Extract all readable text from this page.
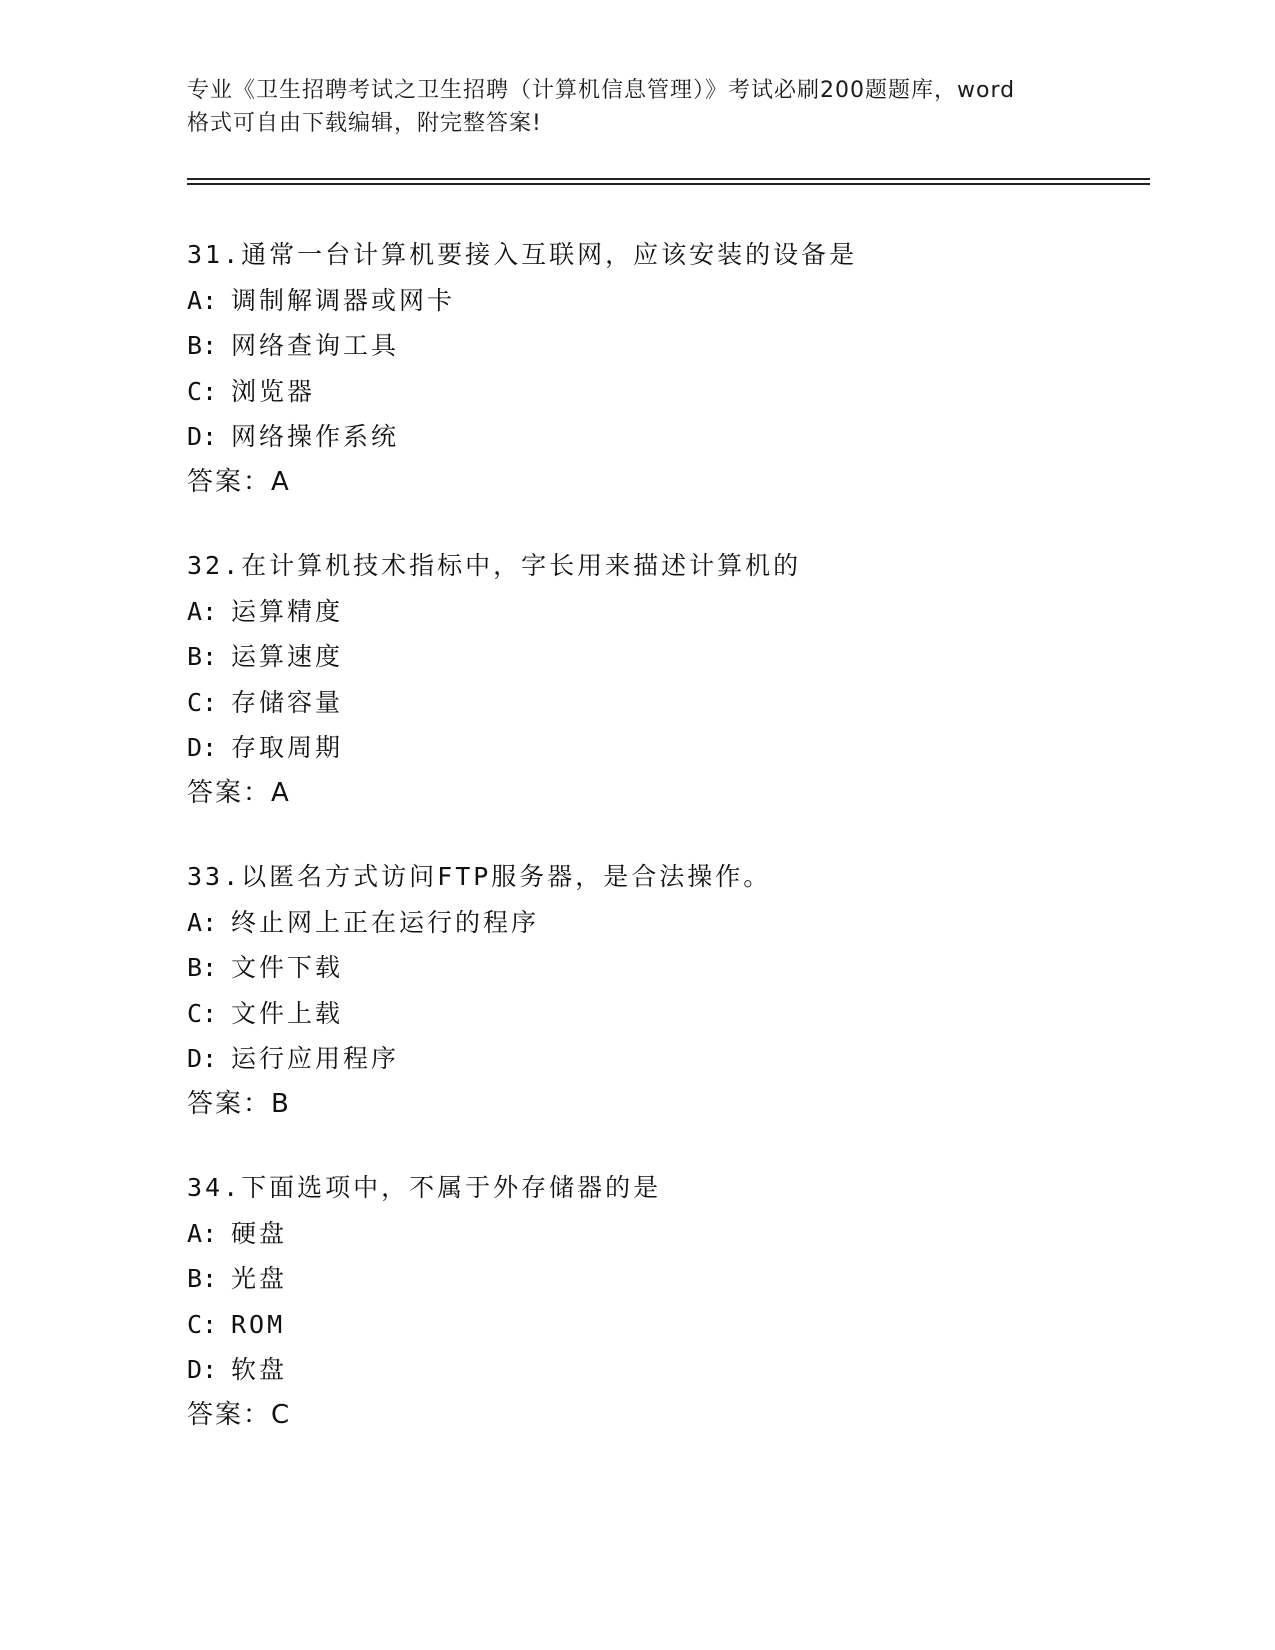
专业《卫生招聘考试之卫生招聘（计算机信息管理）》考试必刷200题题库，word
格式可自由下载编辑，附完整答案!
31.通常一台计算机要接入互联网，应该安装的设备是
A: 调制解调器或网卡
B: 网络查询工具
C: 浏览器
D: 网络操作系统
答案：A
32.在计算机技术指标中，字长用来描述计算机的
A: 运算精度
B: 运算速度
C: 存储容量
D: 存取周期
答案：A
33.以匿名方式访问FTP服务器，是合法操作。
A: 终止网上正在运行的程序
B: 文件下载
C: 文件上载
D: 运行应用程序
答案：B
34.下面选项中，不属于外存储器的是
A: 硬盘
B: 光盘
C: ROM
D: 软盘
答案：C
